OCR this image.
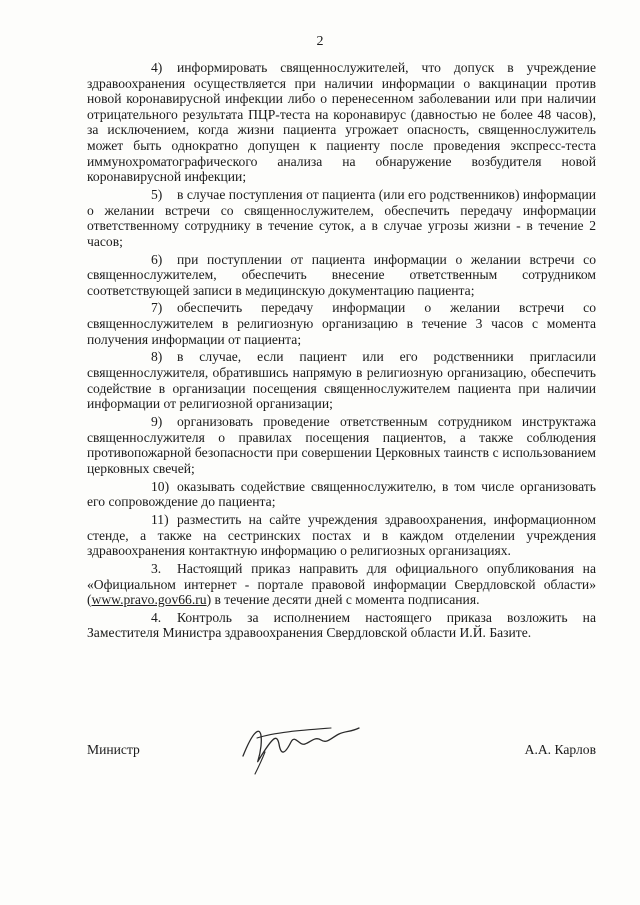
2

4) информировать священнослужителей, что допуск в учреждение здравоохранения осуществляется при наличии информации о вакцинации против новой коронавирусной инфекции либо о перенесенном заболевании или при наличии отрицательного результата ПЦР-теста на коронавирус (давностью не более 48 часов), за исключением, когда жизни пациента угрожает опасность, священнослужитель может быть однократно допущен к пациенту после проведения экспресс-теста иммунохроматографического анализа на обнаружение возбудителя новой коронавирусной инфекции;

5) в случае поступления от пациента (или его родственников) информации о желании встречи со священнослужителем, обеспечить передачу информации ответственному сотруднику в течение суток, а в случае угрозы жизни - в течение 2 часов;

6) при поступлении от пациента информации о желании встречи со священнослужителем, обеспечить внесение ответственным сотрудником соответствующей записи в медицинскую документацию пациента;

7) обеспечить передачу информации о желании встречи со священнослужителем в религиозную организацию в течение 3 часов с момента получения информации от пациента;

8) в случае, если пациент или его родственники пригласили священнослужителя, обратившись напрямую в религиозную организацию, обеспечить содействие в организации посещения священнослужителем пациента при наличии информации от религиозной организации;

9) организовать проведение ответственным сотрудником инструктажа священнослужителя о правилах посещения пациентов, а также соблюдения противопожарной безопасности при совершении Церковных таинств с использованием церковных свечей;

10) оказывать содействие священнослужителю, в том числе организовать его сопровождение до пациента;

11) разместить на сайте учреждения здравоохранения, информационном стенде, а также на сестринских постах и в каждом отделении учреждения здравоохранения контактную информацию о религиозных организациях.

3. Настоящий приказ направить для официального опубликования на «Официальном интернет - портале правовой информации Свердловской области» (www.pravo.gov66.ru) в течение десяти дней с момента подписания.

4. Контроль за исполнением настоящего приказа возложить на Заместителя Министра здравоохранения Свердловской области И.Й. Базите.

Министр	А.А. Карлов
